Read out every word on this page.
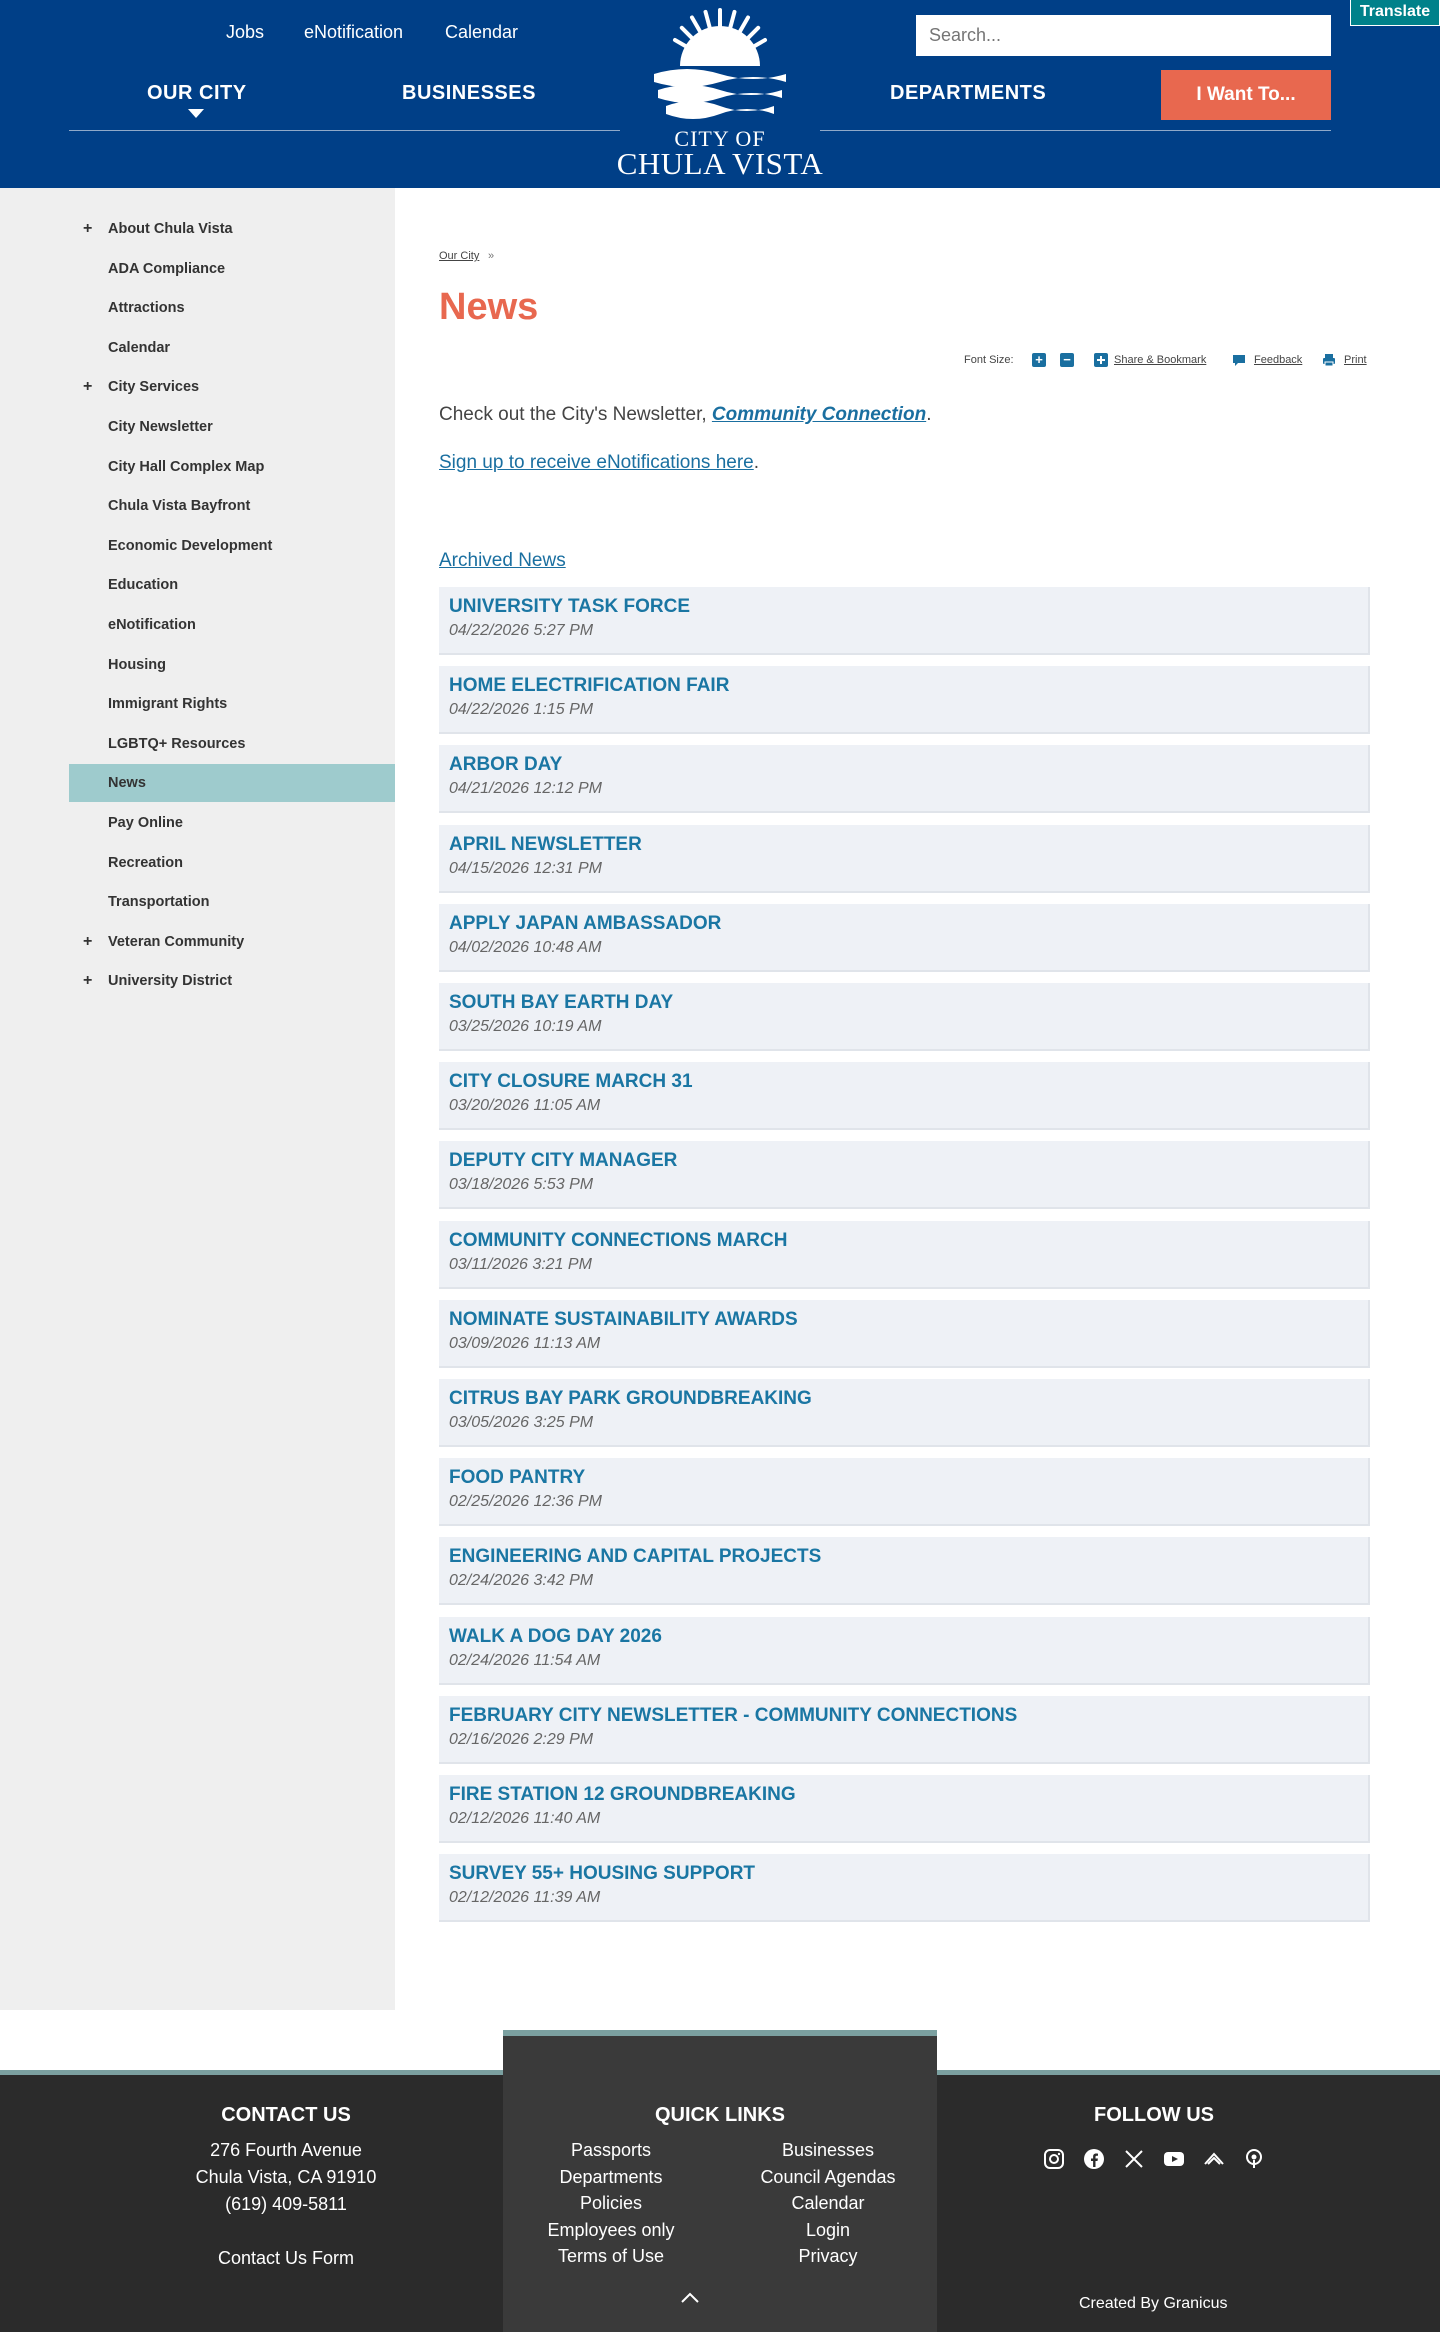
Jobs eNotification Calendar
Search...
Translate
OUR CITY	BUSINESSES	DEPARTMENTS	I Want To...
CITY OF
CHULA VISTA
+ About Chula Vista
ADA Compliance
Attractions
Calendar
+ City Services
City Newsletter
City Hall Complex Map
Chula Vista Bayfront
Economic Development
Education
eNotification
Housing
Immigrant Rights
LGBTQ+ Resources
News
Pay Online
Recreation
Transportation
+ Veteran Community
+ University District
Our City »
News
Font Size: + −	Share & Bookmark	Feedback	Print

Check out the City's Newsletter, Community Connection.

Sign up to receive eNotifications here.

Archived News
UNIVERSITY TASK FORCE
04/22/2026 5:27 PM
HOME ELECTRIFICATION FAIR
04/22/2026 1:15 PM
ARBOR DAY
04/21/2026 12:12 PM
APRIL NEWSLETTER
04/15/2026 12:31 PM
APPLY JAPAN AMBASSADOR
04/02/2026 10:48 AM
SOUTH BAY EARTH DAY
03/25/2026 10:19 AM
CITY CLOSURE MARCH 31
03/20/2026 11:05 AM
DEPUTY CITY MANAGER
03/18/2026 5:53 PM
COMMUNITY CONNECTIONS MARCH
03/11/2026 3:21 PM
NOMINATE SUSTAINABILITY AWARDS
03/09/2026 11:13 AM
CITRUS BAY PARK GROUNDBREAKING
03/05/2026 3:25 PM
FOOD PANTRY
02/25/2026 12:36 PM
ENGINEERING AND CAPITAL PROJECTS
02/24/2026 3:42 PM
WALK A DOG DAY 2026
02/24/2026 11:54 AM
FEBRUARY CITY NEWSLETTER - COMMUNITY CONNECTIONS
02/16/2026 2:29 PM
FIRE STATION 12 GROUNDBREAKING
02/12/2026 11:40 AM
SURVEY 55+ HOUSING SUPPORT
02/12/2026 11:39 AM
CONTACT US
276 Fourth Avenue
Chula Vista, CA 91910
(619) 409-5811
Contact Us Form
QUICK LINKS
Passports
Departments
Policies
Employees only
Terms of Use
Businesses
Council Agendas
Calendar
Login
Privacy
FOLLOW US
Created By Granicus
